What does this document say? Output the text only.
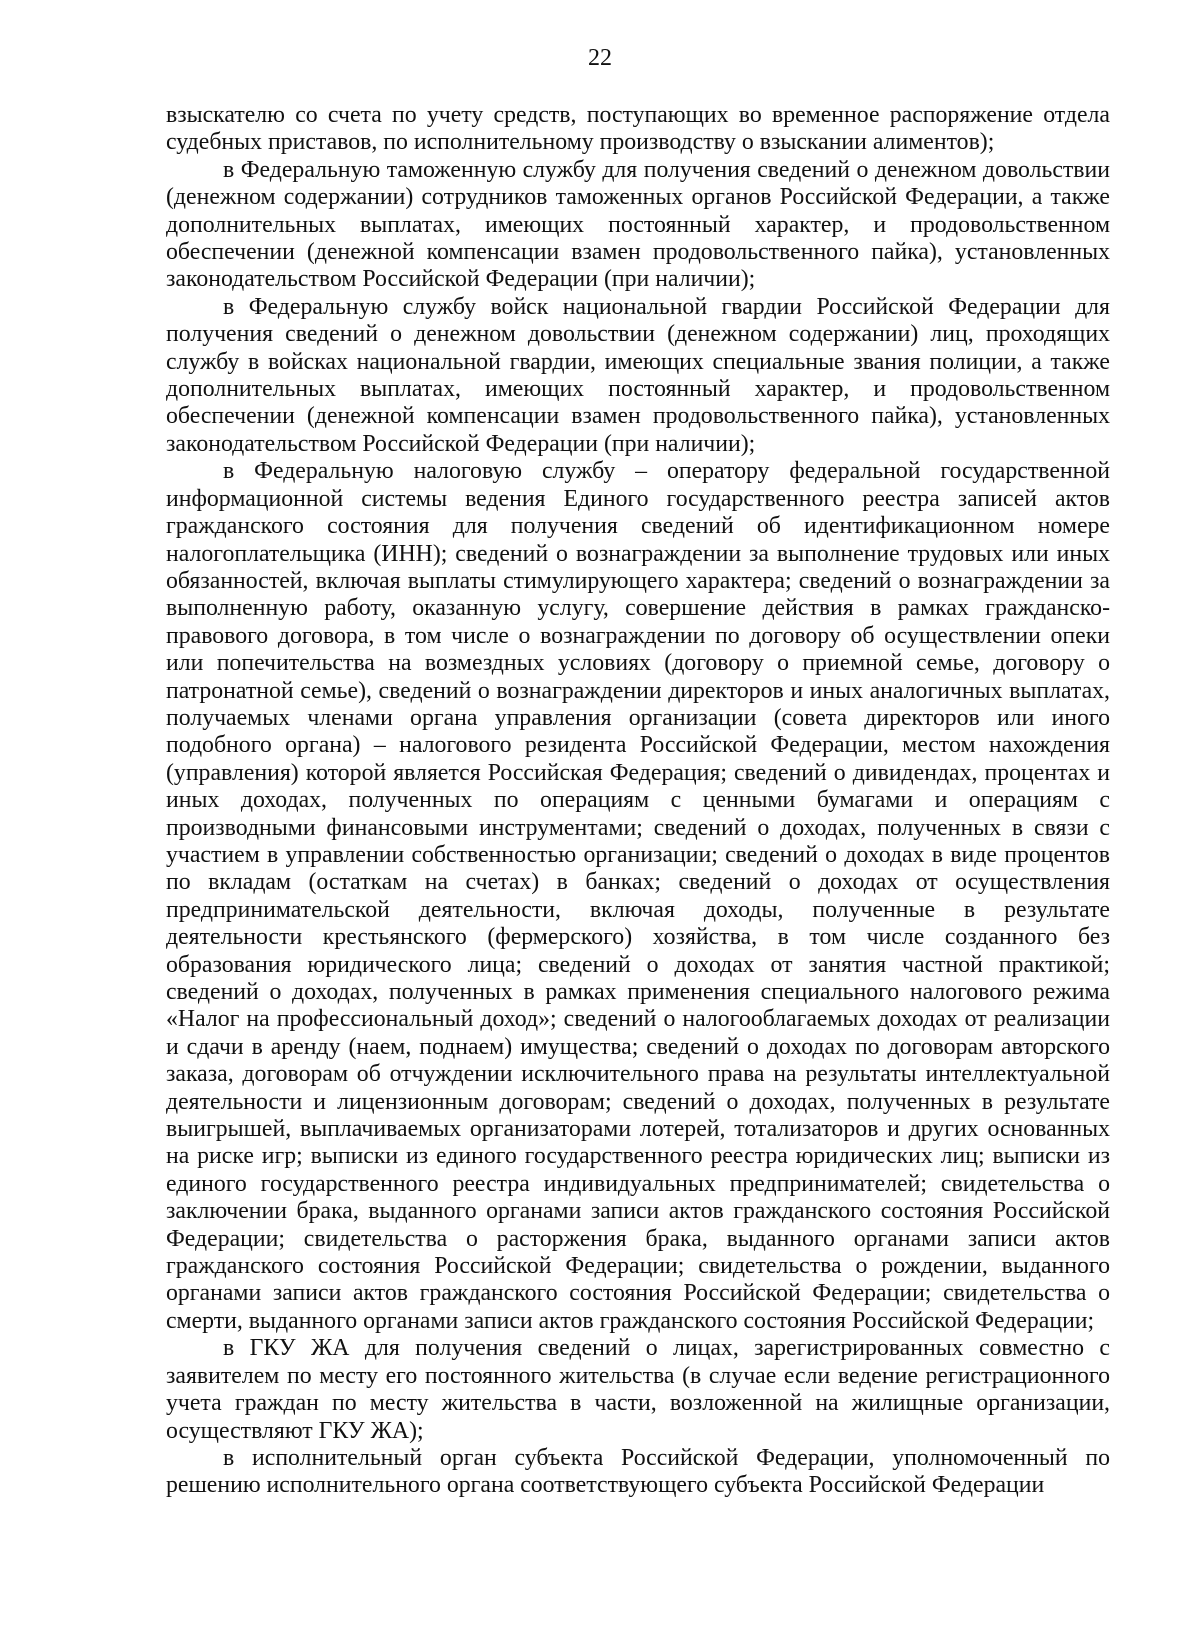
22

взыскателю со счета по учету средств, поступающих во временное распоряжение отдела судебных приставов, по исполнительному производству о взыскании алиментов);

в Федеральную таможенную службу для получения сведений о денежном довольствии (денежном содержании) сотрудников таможенных органов Российской Федерации, а также дополнительных выплатах, имеющих постоянный характер, и продовольственном обеспечении (денежной компенсации взамен продовольственного пайка), установленных законодательством Российской Федерации (при наличии);

в Федеральную службу войск национальной гвардии Российской Федерации для получения сведений о денежном довольствии (денежном содержании) лиц, проходящих службу в войсках национальной гвардии, имеющих специальные звания полиции, а также дополнительных выплатах, имеющих постоянный характер, и продовольственном обеспечении (денежной компенсации взамен продовольственного пайка), установленных законодательством Российской Федерации (при наличии);

в Федеральную налоговую службу – оператору федеральной государственной информационной системы ведения Единого государственного реестра записей актов гражданского состояния для получения сведений об идентификационном номере налогоплательщика (ИНН); сведений о вознаграждении за выполнение трудовых или иных обязанностей, включая выплаты стимулирующего характера; сведений о вознаграждении за выполненную работу, оказанную услугу, совершение действия в рамках гражданско-правового договора, в том числе о вознаграждении по договору об осуществлении опеки или попечительства на возмездных условиях (договору о приемной семье, договору о патронатной семье), сведений о вознаграждении директоров и иных аналогичных выплатах, получаемых членами органа управления организации (совета директоров или иного подобного органа) – налогового резидента Российской Федерации, местом нахождения (управления) которой является Российская Федерация; сведений о дивидендах, процентах и иных доходах, полученных по операциям с ценными бумагами и операциям с производными финансовыми инструментами; сведений о доходах, полученных в связи с участием в управлении собственностью организации; сведений о доходах в виде процентов по вкладам (остаткам на счетах) в банках; сведений о доходах от осуществления предпринимательской деятельности, включая доходы, полученные в результате деятельности крестьянского (фермерского) хозяйства, в том числе созданного без образования юридического лица; сведений о доходах от занятия частной практикой; сведений о доходах, полученных в рамках применения специального налогового режима «Налог на профессиональный доход»; сведений о налогооблагаемых доходах от реализации и сдачи в аренду (наем, поднаем) имущества; сведений о доходах по договорам авторского заказа, договорам об отчуждении исключительного права на результаты интеллектуальной деятельности и лицензионным договорам; сведений о доходах, полученных в результате выигрышей, выплачиваемых организаторами лотерей, тотализаторов и других основанных на риске игр; выписки из единого государственного реестра юридических лиц; выписки из единого государственного реестра индивидуальных предпринимателей; свидетельства о заключении брака, выданного органами записи актов гражданского состояния Российской Федерации; свидетельства о расторжения брака, выданного органами записи актов гражданского состояния Российской Федерации; свидетельства о рождении, выданного органами записи актов гражданского состояния Российской Федерации; свидетельства о смерти, выданного органами записи актов гражданского состояния Российской Федерации;

в ГКУ ЖА для получения сведений о лицах, зарегистрированных совместно с заявителем по месту его постоянного жительства (в случае если ведение регистрационного учета граждан по месту жительства в части, возложенной на жилищные организации, осуществляют ГКУ ЖА);

в исполнительный орган субъекта Российской Федерации, уполномоченный по решению исполнительного органа соответствующего субъекта Российской Федерации
